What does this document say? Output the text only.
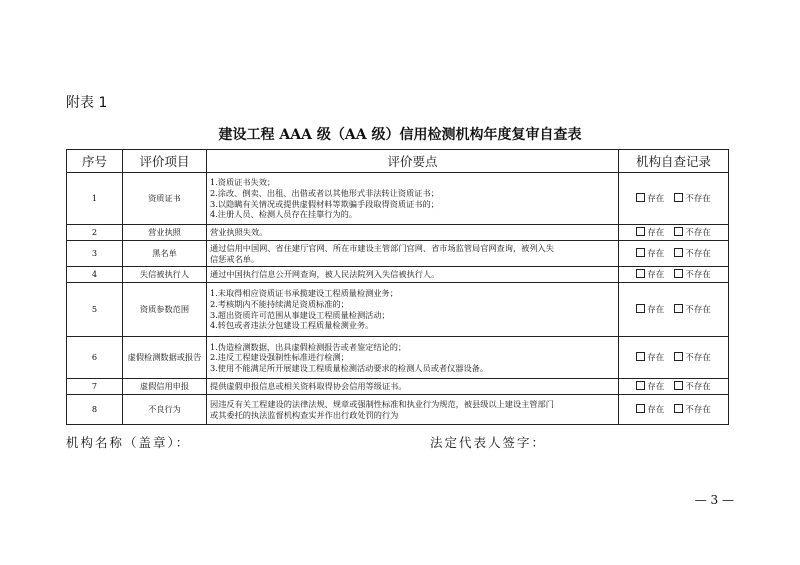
附表 1
建设工程 AAA 级（AA 级）信用检测机构年度复审自查表
序号	评价项目	评价要点	机构自查记录
1	资质证书	1.资质证书失效；
2.涂改、倒卖、出租、出借或者以其他形式非法转让资质证书；
3.以隐瞒有关情况或提供虚假材料等欺骗手段取得资质证书的；
4.注册人员、检测人员存在挂靠行为的。	存在 不存在
2	营业执照	营业执照失效。	存在 不存在
3	黑名单	通过信用中国网、省住建厅官网、所在市建设主管部门官网、省市场监管局官网查询，被列入失
信惩戒名单。	存在 不存在
4	失信被执行人	通过中国执行信息公开网查询，被人民法院列入失信被执行人。	存在 不存在
5	资质参数范围	1.未取得相应资质证书承揽建设工程质量检测业务；
2.考核期内不能持续满足资质标准的；
3.超出资质许可范围从事建设工程质量检测活动；
4.转包或者违法分包建设工程质量检测业务。	存在 不存在
6	虚假检测数据或报告	1.伪造检测数据，出具虚假检测报告或者鉴定结论的；
2.违反工程建设强制性标准进行检测；
3.使用不能满足所开展建设工程质量检测活动要求的检测人员或者仪器设备。	存在 不存在
7	虚假信用申报	提供虚假申报信息或相关资料取得协会信用等级证书。	存在 不存在
8	不良行为	因违反有关工程建设的法律法规、规章或强制性标准和执业行为规范，被县级以上建设主管部门
或其委托的执法监督机构查实并作出行政处罚的行为	存在 不存在
机构名称（盖章）：	法定代表人签字：
— 3 —
